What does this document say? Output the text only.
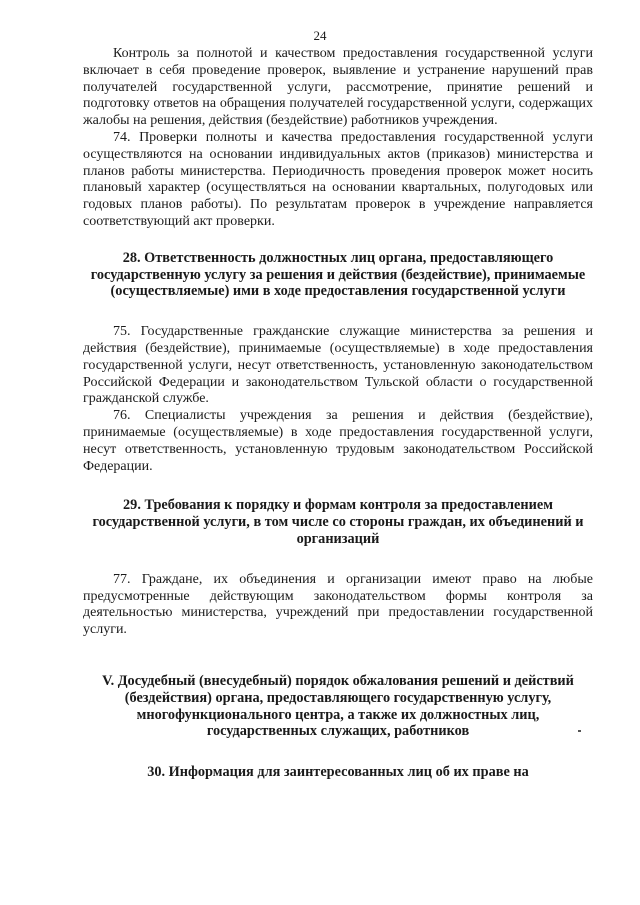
24

Контроль за полнотой и качеством предоставления государственной услуги включает в себя проведение проверок, выявление и устранение нарушений прав получателей государственной услуги, рассмотрение, принятие решений и подготовку ответов на обращения получателей государственной услуги, содержащих жалобы на решения, действия (бездействие) работников учреждения.

74. Проверки полноты и качества предоставления государственной услуги осуществляются на основании индивидуальных актов (приказов) министерства и планов работы министерства. Периодичность проведения проверок может носить плановый характер (осуществляться на основании квартальных, полугодовых или годовых планов работы). По результатам проверок в учреждение направляется соответствующий акт проверки.

28. Ответственность должностных лиц органа, предоставляющего государственную услугу за решения и действия (бездействие), принимаемые (осуществляемые) ими в ходе предоставления государственной услуги

75. Государственные гражданские служащие министерства за решения и действия (бездействие), принимаемые (осуществляемые) в ходе предоставления государственной услуги, несут ответственность, установленную законодательством Российской Федерации и законодательством Тульской области о государственной гражданской службе.

76. Специалисты учреждения за решения и действия (бездействие), принимаемые (осуществляемые) в ходе предоставления государственной услуги, несут ответственность, установленную трудовым законодательством Российской Федерации.

29. Требования к порядку и формам контроля за предоставлением государственной услуги, в том числе со стороны граждан, их объединений и организаций

77. Граждане, их объединения и организации имеют право на любые предусмотренные действующим законодательством формы контроля за деятельностью министерства, учреждений при предоставлении государственной услуги.

V. Досудебный (внесудебный) порядок обжалования решений и действий (бездействия) органа, предоставляющего государственную услугу, многофункционального центра, а также их должностных лиц, государственных служащих, работников
30. Информация для заинтересованных лиц об их праве на
